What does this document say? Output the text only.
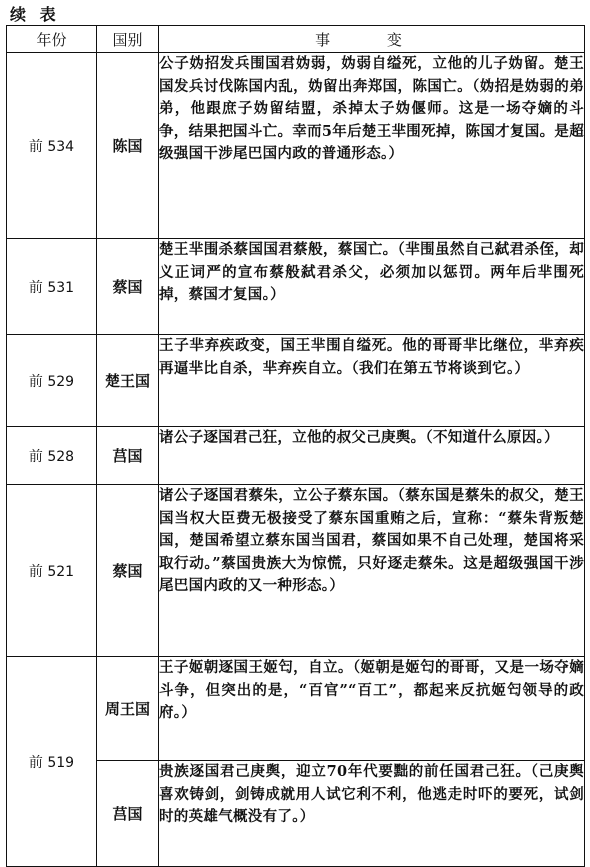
续 表
年份	国别	事 变
前 534	陈国	公子妫招发兵围国君妫弱，妫弱自缢死，立他的儿子妫留。楚王国发兵讨伐陈国内乱，妫留出奔郑国，陈国亡。（妫招是妫弱的弟弟，他跟庶子妫留结盟，杀掉太子妫偃师。这是一场夺嫡的斗争，结果把国斗亡。幸而5年后楚王芈围死掉，陈国才复国。是超级强国干涉尾巴国内政的普通形态。）
前 531	蔡国	楚王芈围杀蔡国国君蔡般，蔡国亡。（芈围虽然自己弑君杀侄，却义正词严的宣布蔡般弑君杀父，必须加以惩罚。两年后芈围死掉，蔡国才复国。）
前 529	楚王国	王子芈弃疾政变，国王芈围自缢死。他的哥哥芈比继位，芈弃疾再逼芈比自杀，芈弃疾自立。（我们在第五节将谈到它。）
前 528	莒国	诸公子逐国君己狂，立他的叔父己庚舆。（不知道什么原因。）
前 521	蔡国	诸公子逐国君蔡朱，立公子蔡东国。（蔡东国是蔡朱的叔父，楚王国当权大臣费无极接受了蔡东国重贿之后，宣称：“蔡朱背叛楚国，楚国希望立蔡东国当国君，蔡国如果不自己处理，楚国将采取行动。”蔡国贵族大为惊慌，只好逐走蔡朱。这是超级强国干涉尾巴国内政的又一种形态。）
前 519	周王国	王子姬朝逐国王姬匄，自立。（姬朝是姬匄的哥哥，又是一场夺嫡斗争，但突出的是，“百官”“百工”，都起来反抗姬匄领导的政府。）
	莒国	贵族逐国君己庚舆，迎立70年代要黜的前任国君己狂。（己庚舆喜欢铸剑，剑铸成就用人试它利不利，他逃走时吓的要死，试剑时的英雄气概没有了。）
